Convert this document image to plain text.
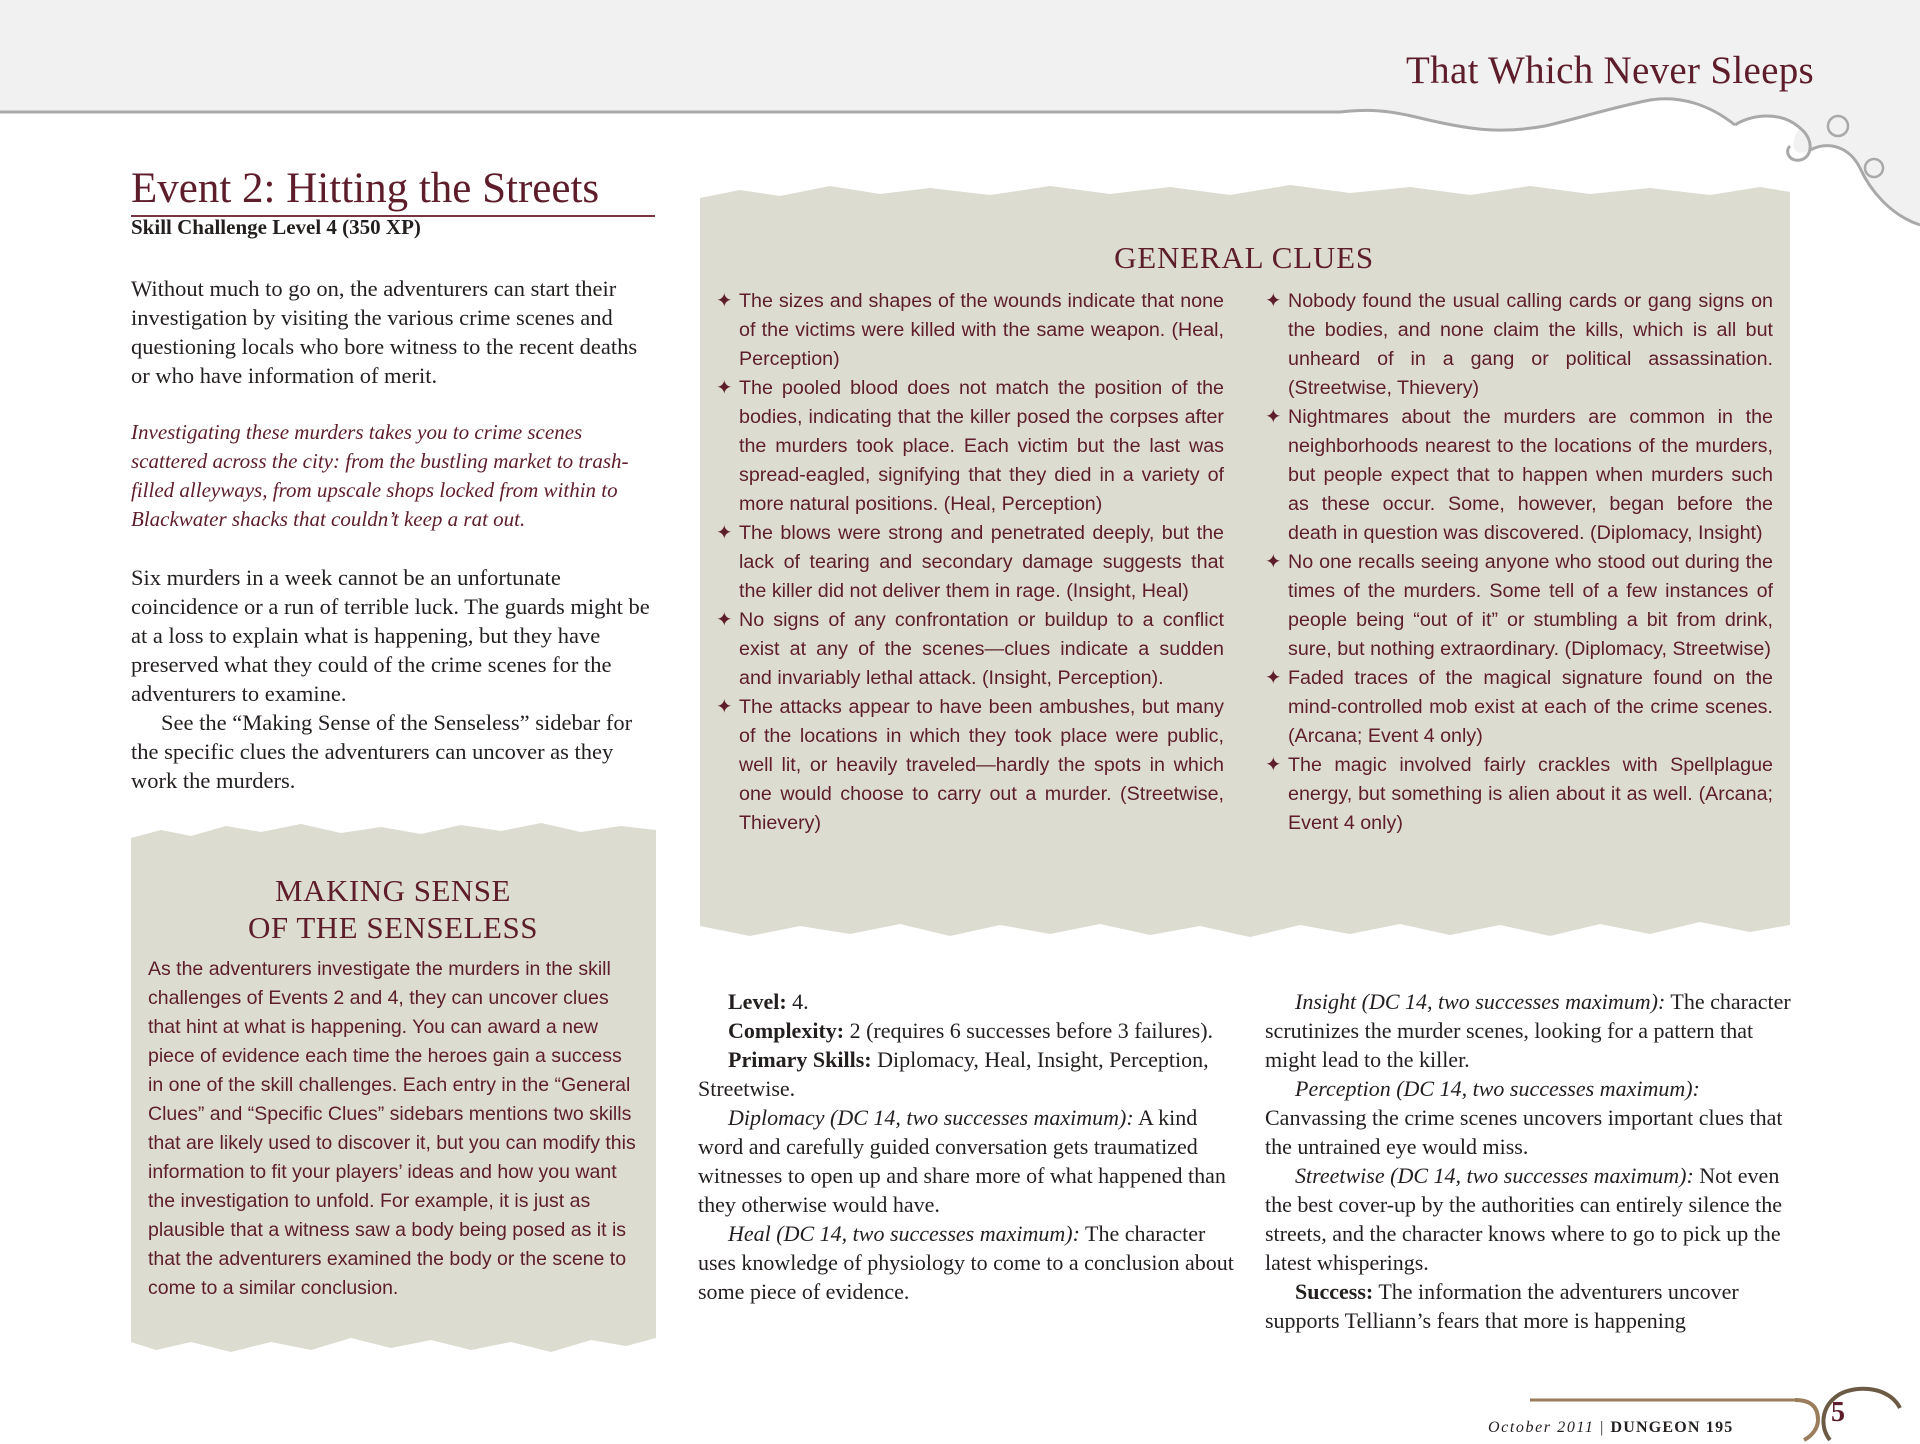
That Which Never Sleeps
Event 2: Hitting the Streets
Skill Challenge Level 4 (350 XP)

Without much to go on, the adventurers can start their investigation by visiting the various crime scenes and questioning locals who bore witness to the recent deaths or who have information of merit.

Investigating these murders takes you to crime scenes scattered across the city: from the bustling market to trash-filled alleyways, from upscale shops locked from within to Blackwater shacks that couldn’t keep a rat out.

Six murders in a week cannot be an unfortunate coincidence or a run of terrible luck. The guards might be at a loss to explain what is happening, but they have preserved what they could of the crime scenes for the adventurers to examine.

See the “Making Sense of the Senseless” sidebar for the specific clues the adventurers can uncover as they work the murders.

MAKING SENSE
OF THE SENSELESS

As the adventurers investigate the murders in the skill challenges of Events 2 and 4, they can uncover clues that hint at what is happening. You can award a new piece of evidence each time the heroes gain a success in one of the skill challenges. Each entry in the “General Clues” and “Specific Clues” sidebars mentions two skills that are likely used to discover it, but you can modify this information to fit your players’ ideas and how you want the investigation to unfold. For example, it is just as plausible that a witness saw a body being posed as it is that the adventurers examined the body or the scene to come to a similar conclusion.

GENERAL CLUES
✦ The sizes and shapes of the wounds indicate that none of the victims were killed with the same weapon. (Heal, Perception)
✦ The pooled blood does not match the position of the bodies, indicating that the killer posed the corpses after the murders took place. Each victim but the last was spread-eagled, signifying that they died in a variety of more natural positions. (Heal, Perception)
✦ The blows were strong and penetrated deeply, but the lack of tearing and secondary damage suggests that the killer did not deliver them in rage. (Insight, Heal)
✦ No signs of any confrontation or buildup to a conflict exist at any of the scenes—clues indicate a sudden and invariably lethal attack. (Insight, Perception).
✦ The attacks appear to have been ambushes, but many of the locations in which they took place were public, well lit, or heavily traveled—hardly the spots in which one would choose to carry out a murder. (Streetwise, Thievery)
✦ Nobody found the usual calling cards or gang signs on the bodies, and none claim the kills, which is all but unheard of in a gang or political assassination. (Streetwise, Thievery)
✦ Nightmares about the murders are common in the neighborhoods nearest to the locations of the murders, but people expect that to happen when murders such as these occur. Some, however, began before the death in question was discovered. (Diplomacy, Insight)
✦ No one recalls seeing anyone who stood out during the times of the murders. Some tell of a few instances of people being “out of it” or stumbling a bit from drink, sure, but nothing extraordinary. (Diplomacy, Streetwise)
✦ Faded traces of the magical signature found on the mind-controlled mob exist at each of the crime scenes. (Arcana; Event 4 only)
✦ The magic involved fairly crackles with Spellplague energy, but something is alien about it as well. (Arcana; Event 4 only)

Level: 4.

Complexity: 2 (requires 6 successes before 3 failures).

Primary Skills: Diplomacy, Heal, Insight, Perception, Streetwise.

Diplomacy (DC 14, two successes maximum): A kind word and carefully guided conversation gets traumatized witnesses to open up and share more of what happened than they otherwise would have.

Heal (DC 14, two successes maximum): The character uses knowledge of physiology to come to a conclusion about some piece of evidence.

Insight (DC 14, two successes maximum): The character scrutinizes the murder scenes, looking for a pattern that might lead to the killer.

Perception (DC 14, two successes maximum): Canvassing the crime scenes uncovers important clues that the untrained eye would miss.

Streetwise (DC 14, two successes maximum): Not even the best cover-up by the authorities can entirely silence the streets, and the character knows where to go to pick up the latest whisperings.

Success: The information the adventurers uncover supports Telliann’s fears that more is happening

October 2011 | DUNGEON 195	5
